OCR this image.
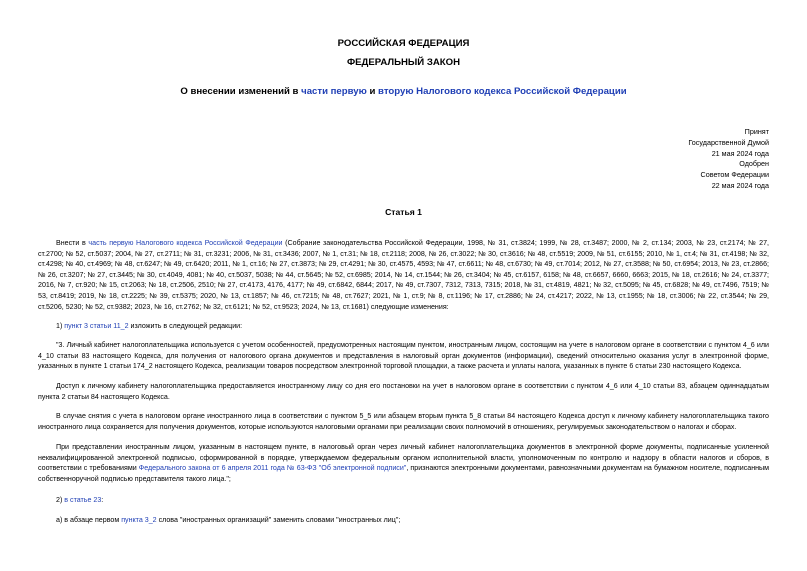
РОССИЙСКАЯ ФЕДЕРАЦИЯ
ФЕДЕРАЛЬНЫЙ ЗАКОН
О внесении изменений в части первую и вторую Налогового кодекса Российской Федерации
Принят
Государственной Думой
21 мая 2024 года
Одобрен
Советом Федерации
22 мая 2024 года
Статья 1
Внести в часть первую Налогового кодекса Российской Федерации (Собрание законодательства Российской Федерации, 1998, № 31, ст.3824; 1999, № 28, ст.3487; 2000, № 2, ст.134; 2003, № 23, ст.2174; № 27, ст.2700; № 52, ст.5037; 2004, № 27, ст.2711; № 31, ст.3231; 2006, № 31, ст.3436; 2007, № 1, ст.31; № 18, ст.2118; 2008, № 26, ст.3022; № 30, ст.3616; № 48, ст.5519; 2009, № 51, ст.6155; 2010, № 1, ст.4; № 31, ст.4198; № 32, ст.4298; № 40, ст.4969; № 48, ст.6247; № 49, ст.6420; 2011, № 1, ст.16; № 27, ст.3873; № 29, ст.4291; № 30, ст.4575, 4593; № 47, ст.6611; № 48, ст.6730; № 49, ст.7014; 2012, № 27, ст.3588; № 50, ст.6954; 2013, № 23, ст.2866; № 26, ст.3207; № 27, ст.3445; № 30, ст.4049, 4081; № 40, ст.5037, 5038; № 44, ст.5645; № 52, ст.6985; 2014, № 14, ст.1544; № 26, ст.3404; № 45, ст.6157, 6158; № 48, ст.6657, 6660, 6663; 2015, № 18, ст.2616; № 24, ст.3377; 2016, № 7, ст.920; № 15, ст.2063; № 18, ст.2506, 2510; № 27, ст.4173, 4176, 4177; № 49, ст.6842, 6844; 2017, № 49, ст.7307, 7312, 7313, 7315; 2018, № 31, ст.4819, 4821; № 32, ст.5095; № 45, ст.6828; № 49, ст.7496, 7519; № 53, ст.8419; 2019, № 18, ст.2225; № 39, ст.5375; 2020, № 13, ст.1857; № 46, ст.7215; № 48, ст.7627; 2021, № 1, ст.9; № 8, ст.1196; № 17, ст.2886; № 24, ст.4217; 2022, № 13, ст.1955; № 18, ст.3006; № 22, ст.3544; № 29, ст.5206, 5230; № 52, ст.9382; 2023, № 16, ст.2762; № 32, ст.6121; № 52, ст.9523; 2024, № 13, ст.1681) следующие изменения:
1) пункт 3 статьи 11_2 изложить в следующей редакции:
"3. Личный кабинет налогоплательщика используется с учетом особенностей, предусмотренных настоящим пунктом, иностранным лицом, состоящим на учете в налоговом органе в соответствии с пунктом 4_6 или 4_10 статьи 83 настоящего Кодекса, для получения от налогового органа документов и представления в налоговый орган документов (информации), сведений относительно оказания услуг в электронной форме, указанных в пункте 1 статьи 174_2 настоящего Кодекса, реализации товаров посредством электронной торговой площадки, а также расчета и уплаты налога, указанных в пункте 6 статьи 230 настоящего Кодекса.
Доступ к личному кабинету налогоплательщика предоставляется иностранному лицу со дня его постановки на учет в налоговом органе в соответствии с пунктом 4_6 или 4_10 статьи 83, абзацем одиннадцатым пункта 2 статьи 84 настоящего Кодекса.
В случае снятия с учета в налоговом органе иностранного лица в соответствии с пунктом 5_5 или абзацем вторым пункта 5_8 статьи 84 настоящего Кодекса доступ к личному кабинету налогоплательщика такого иностранного лица сохраняется для получения документов, которые используются налоговыми органами при реализации своих полномочий в отношениях, регулируемых законодательством о налогах и сборах.
При представлении иностранным лицом, указанным в настоящем пункте, в налоговый орган через личный кабинет налогоплательщика документов в электронной форме документы, подписанные усиленной неквалифицированной электронной подписью, сформированной в порядке, утверждаемом федеральным органом исполнительной власти, уполномоченным по контролю и надзору в области налогов и сборов, в соответствии с требованиями Федерального закона от 6 апреля 2011 года № 63-ФЗ "Об электронной подписи", признаются электронными документами, равнозначными документам на бумажном носителе, подписанным собственноручной подписью представителя такого лица.";
2) в статье 23:
а) в абзаце первом пункта 3_2 слова "иностранных организаций" заменить словами "иностранных лиц";
